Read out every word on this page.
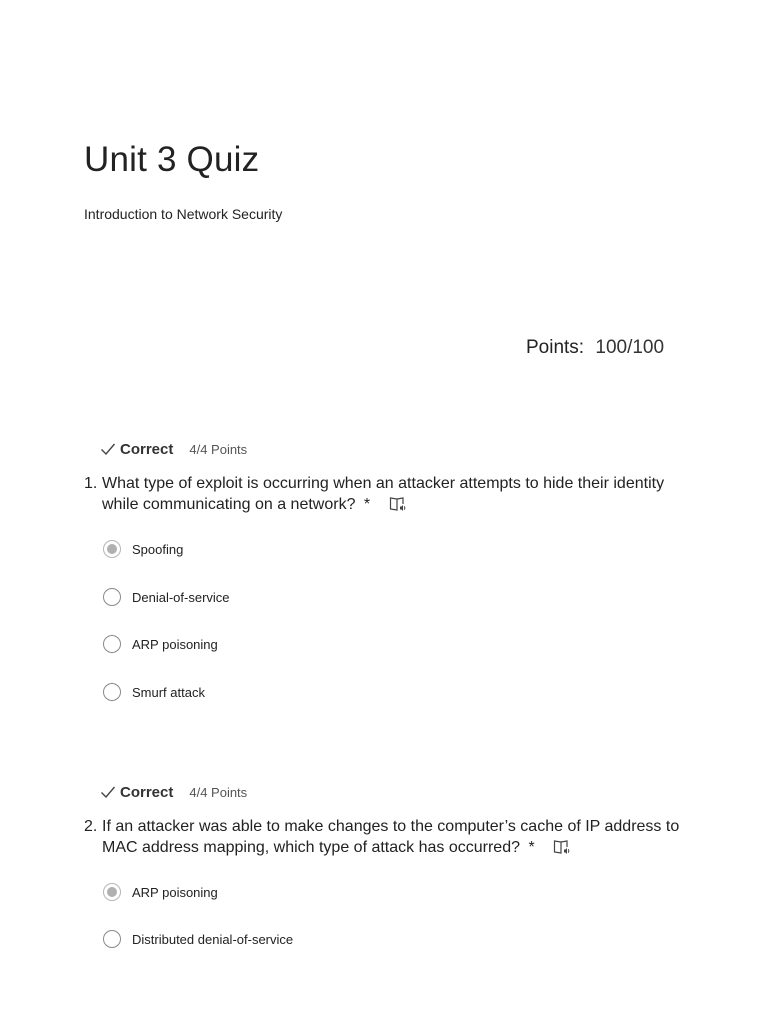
Unit 3 Quiz
Introduction to Network Security
Points: 100/100
Correct 4/4 Points
1. What type of exploit is occurring when an attacker attempts to hide their identity while communicating on a network? *
Spoofing
Denial-of-service
ARP poisoning
Smurf attack
Correct 4/4 Points
2. If an attacker was able to make changes to the computer’s cache of IP address to MAC address mapping, which type of attack has occurred? *
ARP poisoning
Distributed denial-of-service
